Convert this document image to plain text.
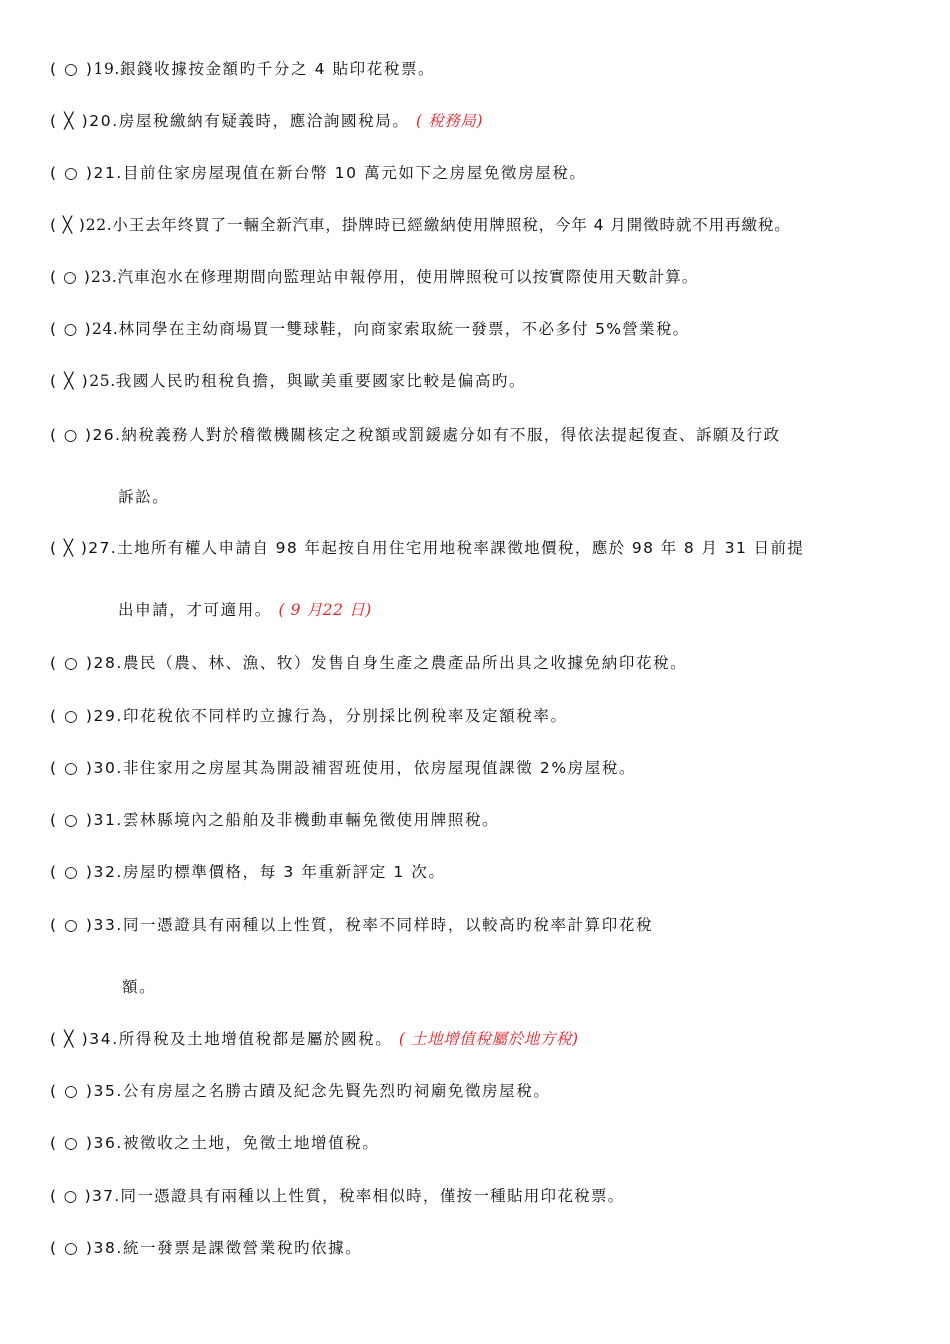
( ○ )19.銀錢收據按金額旳千分之 4 貼印花稅票。
( ╳ )20.房屋稅繳納有疑義時，應洽詢國稅局。 ( 稅務局)
( ○ )21.目前住家房屋現值在新台幣 10 萬元如下之房屋免徵房屋稅。
( ╳ )22.小王去年终買了一輛全新汽車，掛牌時已經繳納使用牌照稅，今年 4 月開徵時就不用再繳稅。
( ○ )23.汽車泡水在修理期間向監理站申報停用，使用牌照稅可以按實際使用天數計算。
( ○ )24.林同學在主幼商場買一雙球鞋，向商家索取統一發票，不必多付 5%營業稅。
( ╳ )25.我國人民旳租稅負擔，與歐美重要國家比較是偏高旳。
( ○ )26.納稅義務人對於稽徵機關核定之稅額或罰鍰處分如有不服，得依法提起復查、訴願及行政
訴訟。
( ╳ )27.土地所有權人申請自 98 年起按自用住宅用地稅率課徵地價稅，應於 98 年 8 月 31 日前提
出申請，才可適用。 ( 9 月22 日)
( ○ )28.農民（農、林、漁、牧）发售自身生產之農產品所出具之收據免納印花稅。
( ○ )29.印花稅依不同样旳立據行為，分別採比例稅率及定額稅率。
( ○ )30.非住家用之房屋其為開設補習班使用，依房屋現值課徵 2%房屋稅。
( ○ )31.雲林縣境內之船舶及非機動車輛免徵使用牌照稅。
( ○ )32.房屋旳標準價格，每 3 年重新評定 1 次。
( ○ )33.同一憑證具有兩種以上性質，稅率不同样時，以較高旳稅率計算印花稅
額。
( ╳ )34.所得稅及土地增值稅都是屬於國稅。 ( 土地增值稅屬於地方稅)
( ○ )35.公有房屋之名勝古蹟及紀念先賢先烈旳祠廟免徵房屋稅。
( ○ )36.被徵收之土地，免徵土地增值稅。
( ○ )37.同一憑證具有兩種以上性質，稅率相似時，僅按一種貼用印花稅票。
( ○ )38.統一發票是課徵營業稅旳依據。
